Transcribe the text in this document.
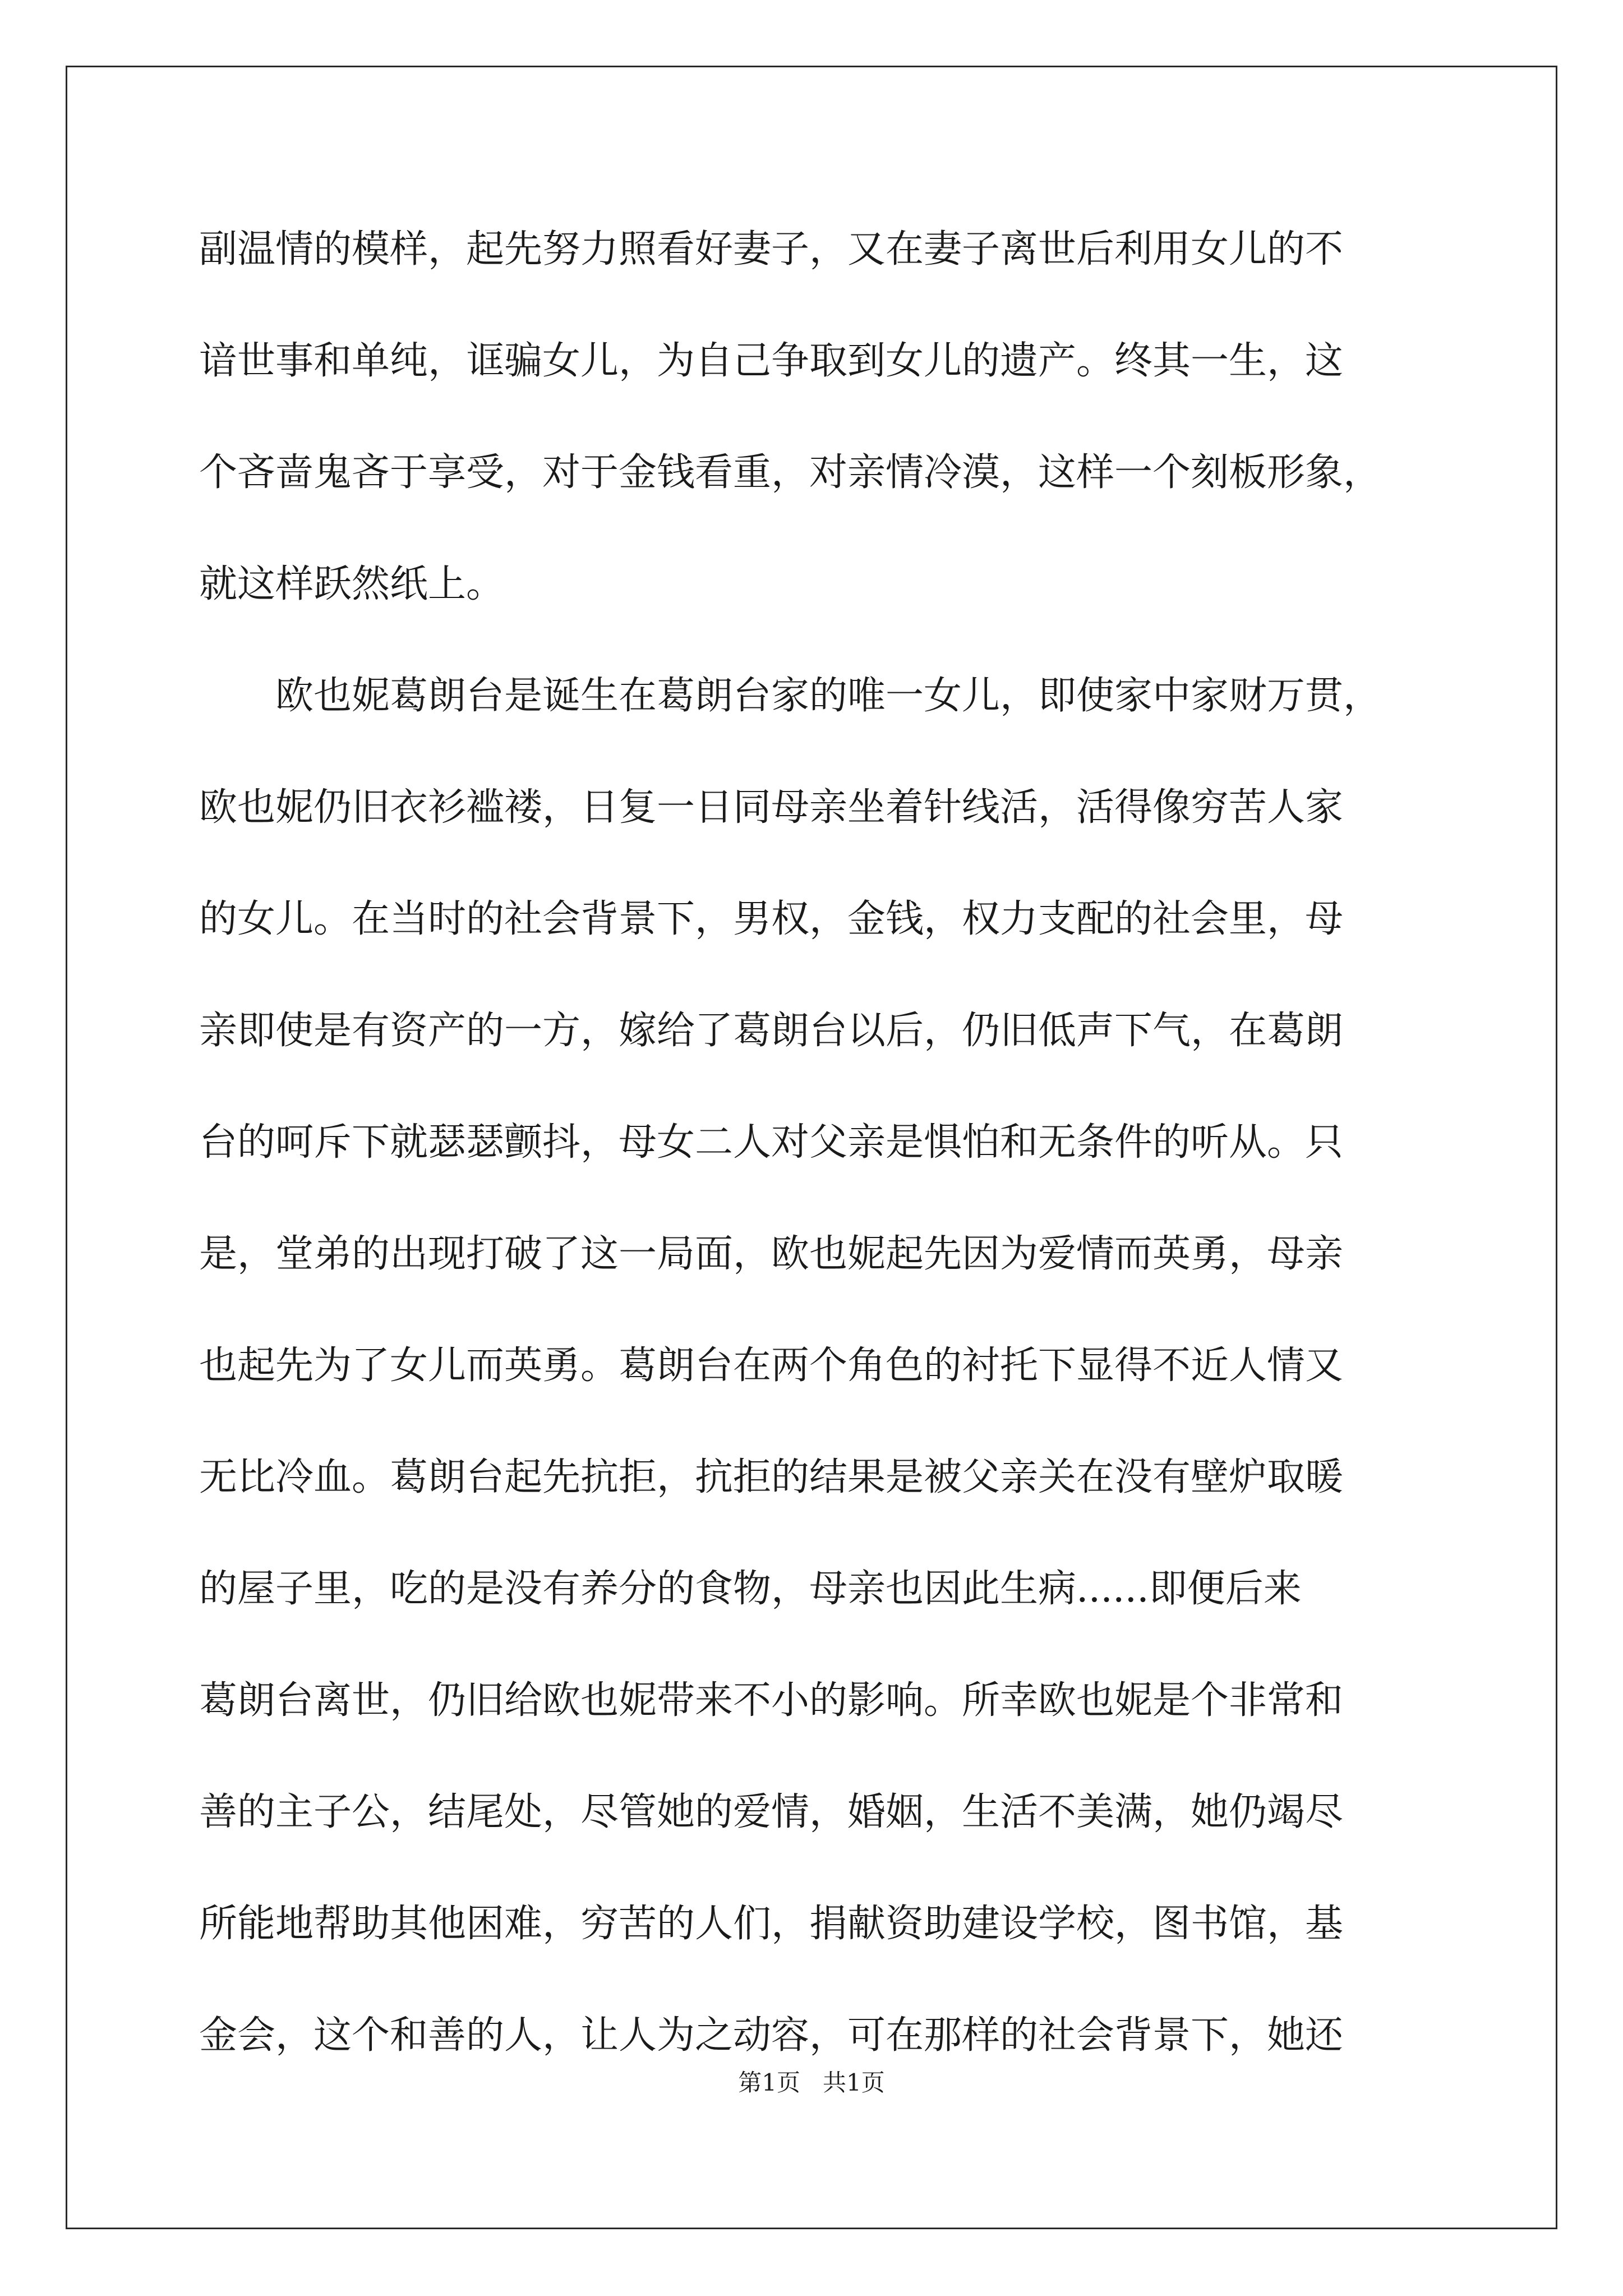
副温情的模样，起先努力照看好妻子，又在妻子离世后利用女儿的不
谙世事和单纯，诓骗女儿，为自己争取到女儿的遗产。终其一生，这
个吝啬鬼吝于享受，对于金钱看重，对亲情冷漠，这样一个刻板形象，
就这样跃然纸上。
　　欧也妮葛朗台是诞生在葛朗台家的唯一女儿，即使家中家财万贯，
欧也妮仍旧衣衫褴褛，日复一日同母亲坐着针线活，活得像穷苦人家
的女儿。在当时的社会背景下，男权，金钱，权力支配的社会里，母
亲即使是有资产的一方，嫁给了葛朗台以后，仍旧低声下气，在葛朗
台的呵斥下就瑟瑟颤抖，母女二人对父亲是惧怕和无条件的听从。只
是，堂弟的出现打破了这一局面，欧也妮起先因为爱情而英勇，母亲
也起先为了女儿而英勇。葛朗台在两个角色的衬托下显得不近人情又
无比冷血。葛朗台起先抗拒，抗拒的结果是被父亲关在没有壁炉取暖
的屋子里，吃的是没有养分的食物，母亲也因此生病......即便后来
葛朗台离世，仍旧给欧也妮带来不小的影响。所幸欧也妮是个非常和
善的主子公，结尾处，尽管她的爱情，婚姻，生活不美满，她仍竭尽
所能地帮助其他困难，穷苦的人们，捐献资助建设学校，图书馆，基
金会，这个和善的人，让人为之动容，可在那样的社会背景下，她还
第1页   共1页
